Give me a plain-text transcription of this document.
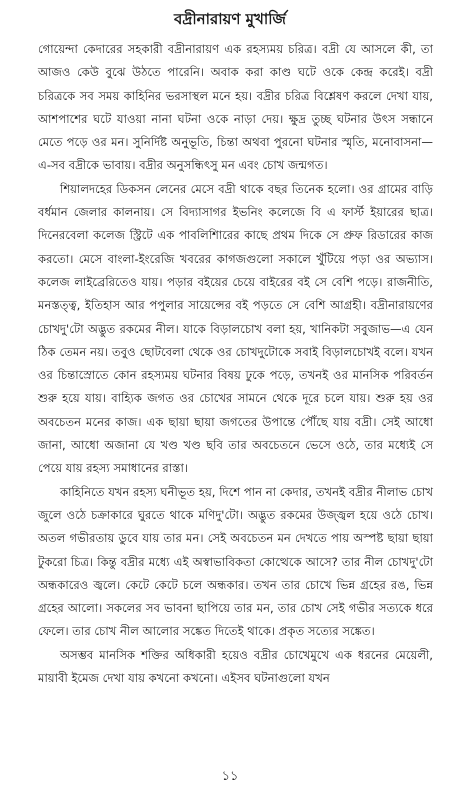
বদ্রীনারায়ণ মুখার্জি

গোয়েন্দা কেদারের সহকারী বদ্রীনারায়ণ এক রহস্যময় চরিত্র। বদ্রী যে আসলে কী, তা আজও কেউ বুঝে উঠতে পারেনি। অবাক করা কাণ্ড ঘটে ওকে কেন্দ্র করেই। বদ্রী চরিত্রকে সব সময় কাহিনির ভরসাস্থল মনে হয়। বদ্রীর চরিত্র বিশ্লেষণ করলে দেখা যায়, আশপাশের ঘটে যাওয়া নানা ঘটনা ওকে নাড়া দেয়। ক্ষুদ্র তুচ্ছ ঘটনার উৎস সন্ধানে মেতে পড়ে ওর মন। সুনির্দিষ্ট অনুভূতি, চিন্তা অথবা পুরনো ঘটনার স্মৃতি, মনোবাসনা—এ-সব বদ্রীকে ভাবায়। বদ্রীর অনুসন্ধিৎসু মন এবং চোখ জন্মগত।

শিয়ালদহের ডিকসন লেনের মেসে বদ্রী থাকে বছর তিনেক হলো। ওর গ্রামের বাড়ি বর্ধমান জেলার কালনায়। সে বিদ্যাসাগর ইভনিং কলেজে বি এ ফার্স্ট ইয়ারের ছাত্র। দিনেরবেলা কলেজ স্ট্রিটে এক পাবলিশিারের কাছে প্রথম দিকে সে প্রুফ রিডারের কাজ করতো। মেসে বাংলা-ইংরেজি খবরের কাগজগুলো সকালে খুঁটিয়ে পড়া ওর অভ্যাস। কলেজ লাইব্রেরিতেও যায়। পড়ার বইয়ের চেয়ে বাইরের বই সে বেশি পড়ে। রাজনীতি, মনস্তত্ত্ব, ইতিহাস আর পপুলার সায়েন্সের বই পড়তে সে বেশি আগ্রহী। বদ্রীনারায়ণের চোখদু'টো অদ্ভুত রকমের নীল। যাকে বিড়ালচোখ বলা হয়, খানিকটা সবুজাভ—এ যেন ঠিক তেমন নয়। তবুও ছোটবেলা থেকে ওর চোখদুটোকে সবাই বিড়ালচোখই বলে। যখন ওর চিন্তাস্রোতে কোন রহস্যময় ঘটনার বিষয় ঢুকে পড়ে, তখনই ওর মানসিক পরিবর্তন শুরু হয়ে যায়। বাহ্যিক জগত ওর চোখের সামনে থেকে দূরে চলে যায়। শুরু হয় ওর অবচেতন মনের কাজ। এক ছায়া ছায়া জগতের উপান্তে পৌঁছে যায় বদ্রী। সেই আধো জানা, আধো অজানা যে খণ্ড খণ্ড ছবি তার অবচেতনে ভেসে ওঠে, তার মধ্যেই সে পেয়ে যায় রহস্য সমাধানের রাস্তা।

কাহিনিতে যখন রহস্য ঘনীভূত হয়, দিশে পান না কেদার, তখনই বদ্রীর নীলাভ চোখ জুলে ওঠে চক্রাকারে ঘুরতে থাকে মণিদু'টো। অদ্ভুত রকমের উজ্জ্বল হয়ে ওঠে চোখ। অতল গভীরতায় ডুবে যায় তার মন। সেই অবচেতন মন দেখতে পায় অস্পষ্ট ছায়া ছায়া টুকরো চিত্র। কিন্তু বদ্রীর মধ্যে এই অস্বাভাবিকতা কোত্থেকে আসে? তার নীল চোখদু'টো অন্ধকারেও জ্বলে। কেটে কেটে চলে অন্ধকার। তখন তার চোখে ভিন্ন গ্রহের রঙ, ভিন্ন গ্রহের আলো। সকলের সব ভাবনা ছাপিয়ে তার মন, তার চোখ সেই গভীর সত্যকে ধরে ফেলে। তার চোখ নীল আলোর সঙ্কেত দিতেই থাকে। প্রকৃত সত্যের সঙ্কেত।

অসম্ভব মানসিক শক্তির অধিকারী হয়েও বদ্রীর চোখেমুখে এক ধরনের মেয়েলী, মায়াবী ইমেজ দেখা যায় কখনো কখনো। এইসব ঘটনাগুলো যখন

১১
